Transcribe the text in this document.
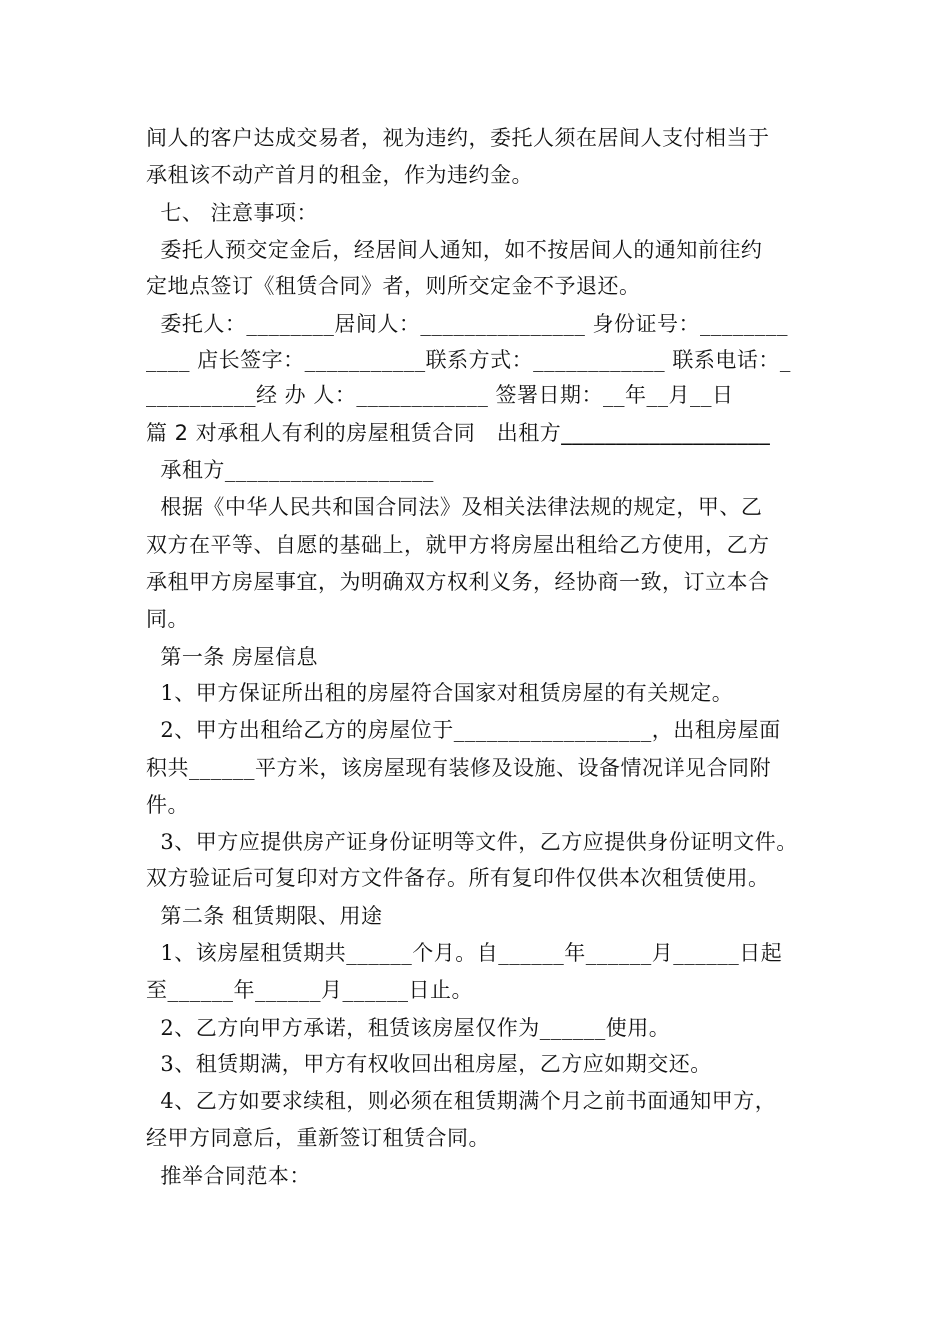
间人的客户达成交易者，视为违约，委托人须在居间人支付相当于
承租该不动产首月的租金，作为违约金。
七、 注意事项：
委托人预交定金后，经居间人通知，如不按居间人的通知前往约
定地点签订《租赁合同》者，则所交定金不予退还。
委托人：________居间人：_______________ 身份证号：________
____ 店长签字：___________联系方式：____________ 联系电话：_
__________经 办 人：____________ 签署日期：__年__月__日
篇 2 对承租人有利的房屋租赁合同   出租方___________________
承租方___________________
根据《中华人民共和国合同法》及相关法律法规的规定，甲、乙
双方在平等、自愿的基础上，就甲方将房屋出租给乙方使用，乙方
承租甲方房屋事宜，为明确双方权利义务，经协商一致，订立本合
同。
第一条 房屋信息
1、甲方保证所出租的房屋符合国家对租赁房屋的有关规定。
2、甲方出租给乙方的房屋位于__________________，出租房屋面
积共______平方米，该房屋现有装修及设施、设备情况详见合同附
件。
3、甲方应提供房产证身份证明等文件，乙方应提供身份证明文件。
双方验证后可复印对方文件备存。所有复印件仅供本次租赁使用。
第二条 租赁期限、用途
1、该房屋租赁期共______个月。自______年______月______日起
至______年______月______日止。
2、乙方向甲方承诺，租赁该房屋仅作为______使用。
3、租赁期满，甲方有权收回出租房屋，乙方应如期交还。
4、乙方如要求续租，则必须在租赁期满个月之前书面通知甲方，
经甲方同意后，重新签订租赁合同。
推举合同范本：
